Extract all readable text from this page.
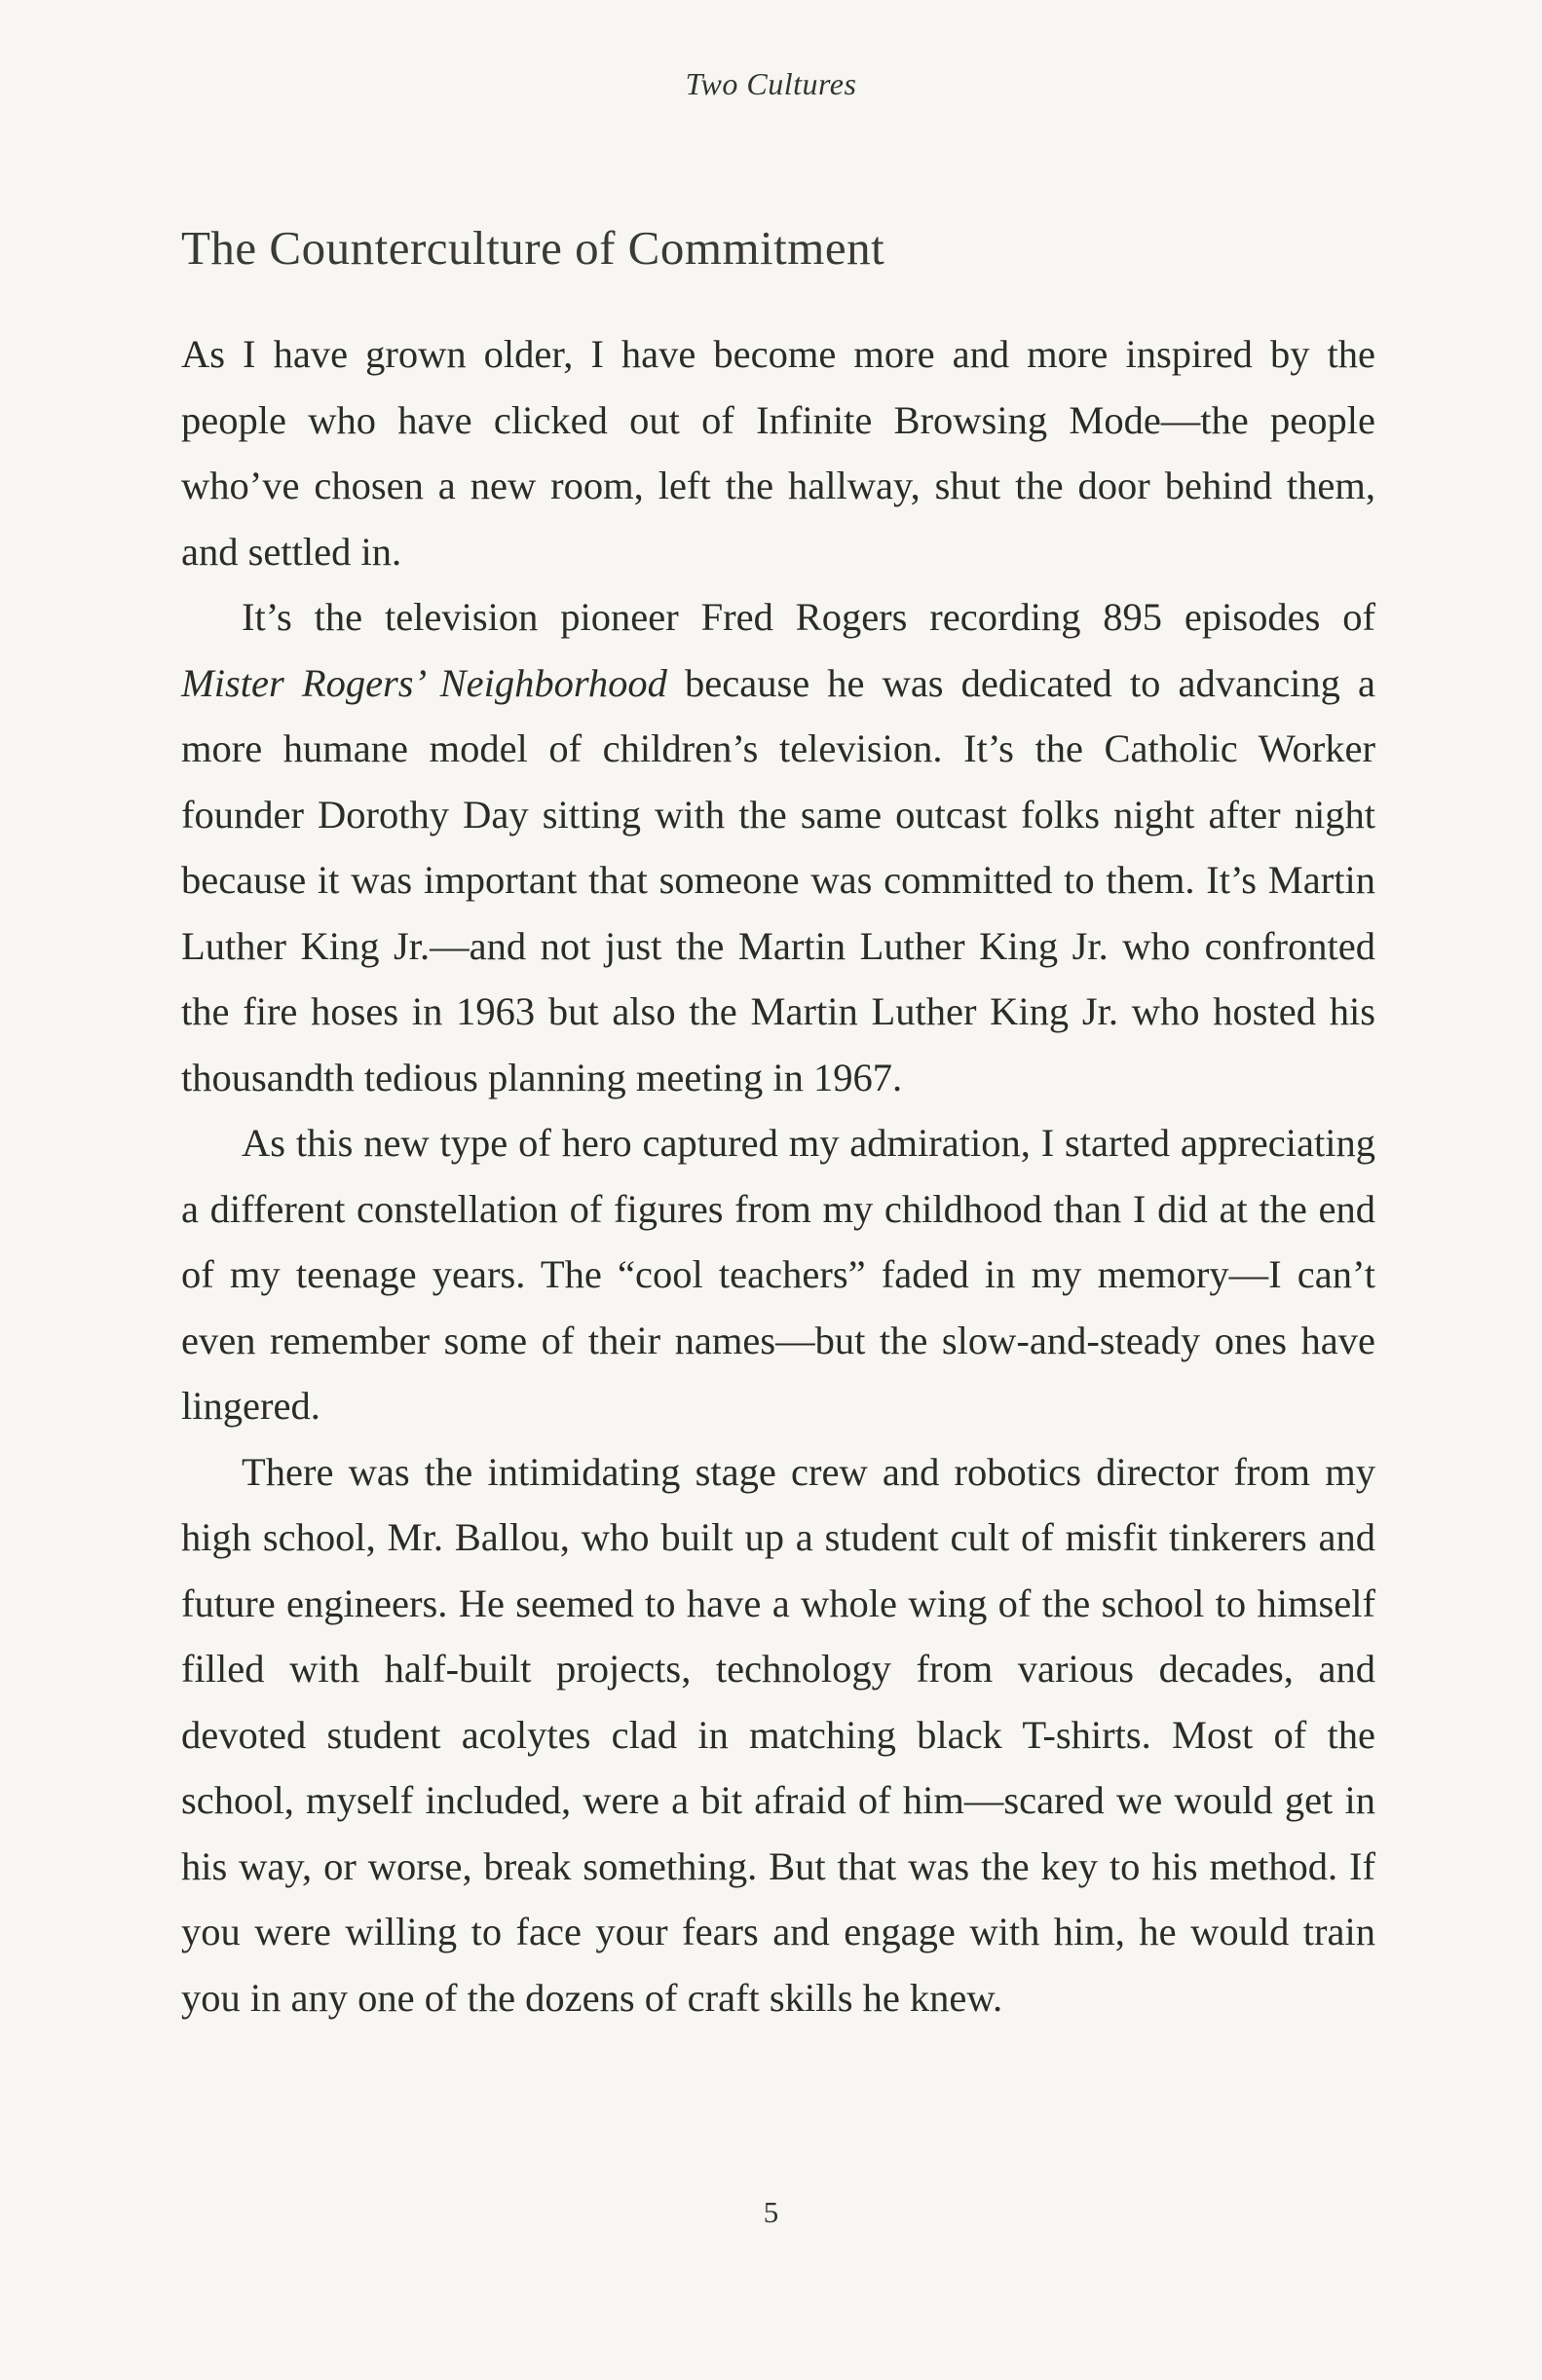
Two Cultures
The Counterculture of Commitment

As I have grown older, I have become more and more inspired by the people who have clicked out of Infinite Browsing Mode—the people who’ve chosen a new room, left the hallway, shut the door behind them, and settled in.

It’s the television pioneer Fred Rogers recording 895 episodes of Mister Rogers’ Neighborhood because he was dedicated to advancing a more humane model of children’s television. It’s the Catholic Worker founder Dorothy Day sitting with the same outcast folks night after night because it was important that someone was committed to them. It’s Martin Luther King Jr.—and not just the Martin Luther King Jr. who confronted the fire hoses in 1963 but also the Martin Luther King Jr. who hosted his thousandth tedious planning meeting in 1967.

As this new type of hero captured my admiration, I started appreciating a different constellation of figures from my childhood than I did at the end of my teenage years. The “cool teachers” faded in my memory—I can’t even remember some of their names—but the slow-and-steady ones have lingered.

There was the intimidating stage crew and robotics director from my high school, Mr. Ballou, who built up a student cult of misfit tinkerers and future engineers. He seemed to have a whole wing of the school to himself filled with half-built projects, technology from various decades, and devoted student acolytes clad in matching black T-shirts. Most of the school, myself included, were a bit afraid of him—scared we would get in his way, or worse, break something. But that was the key to his method. If you were willing to face your fears and engage with him, he would train you in any one of the dozens of craft skills he knew.

5
